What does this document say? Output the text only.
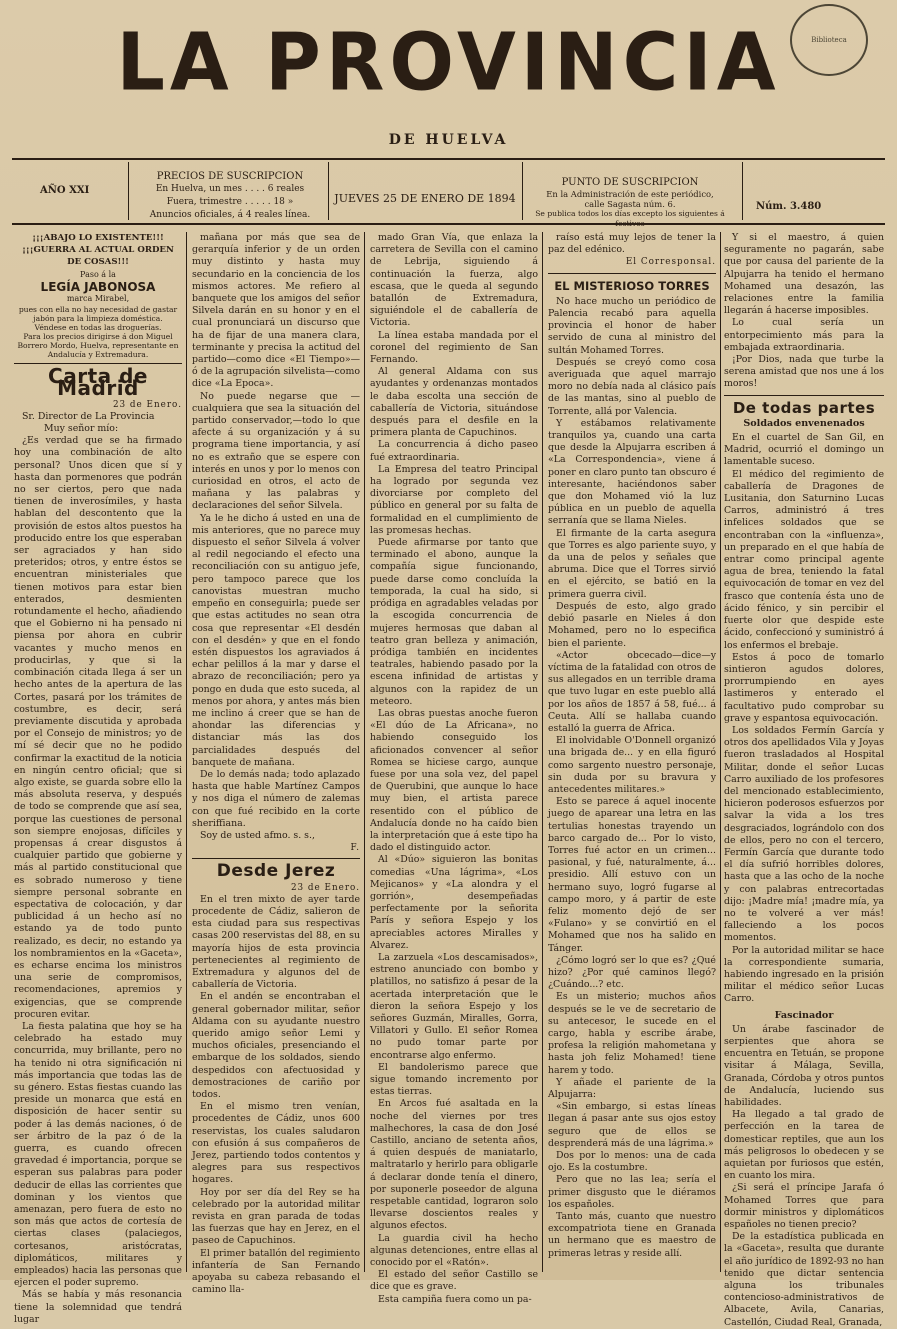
Biblioteca
LA PROVINCIA
DE HUELVA
AÑO XXI
PRECIOS DE SUSCRIPCION
En Huelva, un mes . . . . 6 reales
Fuera, trimestre . . . . . 18 »
Anuncios oficiales, á 4 reales línea.
JUEVES 25 DE ENERO DE 1894
PUNTO DE SUSCRIPCION
En la Administración de este periódico,
calle Sagasta núm. 6.
Se publica todos los días excepto los siguientes á festivos
Núm. 3.480
¡¡¡ABAJO LO EXISTENTE!!!
¡¡¡GUERRA AL ACTUAL ORDEN DE COSAS!!!
Paso á la
LEGÍA JABONOSA
marca Mirabel,
pues con ella no hay necesidad de gastar jabón para la limpieza doméstica.
Véndese en todas las droguerías.
Para los precios dirigirse á don Miguel Borrero Mordo, Huelva, representante en Andalucía y Extremadura.
Carta de Madrid
23 de Enero.

Sr. Director de La Provincia

Muy señor mío:

¿Es verdad que se ha firmado hoy una combinación de alto personal? Unos dicen que sí y hasta dan pormenores que podrán no ser ciertos, pero que nada tienen de inverosímiles, y hasta hablan del descontento que la provisión de estos altos puestos ha producido entre los que esperaban ser agraciados y han sido preteridos; otros, y entre éstos se encuentran ministeriales que tienen motivos para estar bien enterados, desmienten rotundamente el hecho, añadiendo que el Gobierno ni ha pensado ni piensa por ahora en cubrir vacantes y mucho menos en producirlas, y que si la combinación citada llega á ser un hecho antes de la apertura de las Cortes, pasará por los trámites de costumbre, es decir, será previamente discutida y aprobada por el Consejo de ministros; yo de mí sé decir que no he podido confirmar la exactitud de la noticia en ningún centro oficial; que si algo existe, se guarda sobre ello la más absoluta reserva, y después de todo se comprende que así sea, porque las cuestiones de personal son siempre enojosas, difíciles y propensas á crear disgustos á cualquier partido que gobierne y más al partido constitucional que es sobrado numeroso y tiene siempre personal sobrante en espectativa de colocación, y dar publicidad á un hecho así no estando ya de todo punto realizado, es decir, no estando ya los nombramientos en la «Gaceta», es echarse encima los ministros una serie de compromisos, recomendaciones, apremios y exigencias, que se comprende procuren evitar.

La fiesta palatina que hoy se ha celebrado ha estado muy concurrida, muy brillante, pero no ha tenido ni otra significación ni más importancia que todas las de su género. Estas fiestas cuando las preside un monarca que está en disposición de hacer sentir su poder á las demás naciones, ó de ser árbitro de la paz ó de la guerra, es cuando ofrecen gravedad é importancia, porque se esperan sus palabras para poder deducir de ellas las corrientes que dominan y los vientos que amenazan, pero fuera de esto no son más que actos de cortesía de ciertas clases (palaciegos, cortesanos, aristócratas, diplomáticos, militares y empleados) hacia las personas que ejercen el poder supremo.

Más se había y más resonancia tiene la solemnidad que tendrá lugar

mañana por más que sea de gerarquía inferior y de un orden muy distinto y hasta muy secundario en la conciencia de los mismos actores. Me refiero al banquete que los amigos del señor Silvela darán en su honor y en el cual pronunciará un discurso que ha de fijar de una manera clara, terminante y precisa la actitud del partido—como dice «El Tiempo»—ó de la agrupación silvelista—como dice «La Epoca».

No puede negarse que —cualquiera que sea la situación del partido conservador,—todo lo que afecte á su organización y á su programa tiene importancia, y así no es extraño que se espere con interés en unos y por lo menos con curiosidad en otros, el acto de mañana y las palabras y declaraciones del señor Silvela.

Ya le he dicho á usted en una de mis anteriores, que no parece muy dispuesto el señor Silvela á volver al redil negociando el efecto una reconciliación con su antiguo jefe, pero tampoco parece que los canovistas muestran mucho empeño en conseguirla; puede ser que estas actitudes no sean otra cosa que representar «El desdén con el desdén» y que en el fondo estén dispuestos los agraviados á echar pelillos á la mar y darse el abrazo de reconciliación; pero ya pongo en duda que esto suceda, al menos por ahora, y antes más bien me inclino á creer que se han de ahondar las diferencias y distanciar más las dos parcialidades después del banquete de mañana.

De lo demás nada; todo aplazado hasta que hable Martínez Campos y nos diga el número de zalemas con que fué recibido en la corte sheriffiana.

Soy de usted afmo. s. s.,

F.
Desde Jerez
23 de Enero.

En el tren mixto de ayer tarde procedente de Cádiz, salieron de esta ciudad para sus respectivas casas 200 reservistas del 88, en su mayoría hijos de esta provincia pertenecientes al regimiento de Extremadura y algunos del de caballería de Victoria.

En el andén se encontraban el general gobernador militar, señor Aldama con su ayudante nuestro querido amigo señor Lemi y muchos oficiales, presenciando el embarque de los soldados, siendo despedidos con afectuosidad y demostraciones de cariño por todos.

En el mismo tren venían, procedentes de Cádiz, unos 600 reservistas, los cuales saludaron con efusión á sus compañeros de Jerez, partiendo todos contentos y alegres para sus respectivos hogares.

Hoy por ser día del Rey se ha celebrado por la autoridad militar revista en gran parada de todas las fuerzas que hay en Jerez, en el paseo de Capuchinos.

El primer batallón del regimiento infantería de San Fernando apoyaba su cabeza rebasando el camino lla-

mado Gran Vía, que enlaza la carretera de Sevilla con el camino de Lebrija, siguiendo á continuación la fuerza, algo escasa, que le queda al segundo batallón de Extremadura, siguiéndole el de caballería de Victoria.

La línea estaba mandada por el coronel del regimiento de San Fernando.

Al general Aldama con sus ayudantes y ordenanzas montados le daba escolta una sección de caballería de Victoria, situándose después para el desfile en la primera planta de Capuchinos.

La concurrencia á dicho paseo fué extraordinaria.

La Empresa del teatro Principal ha logrado por segunda vez divorciarse por completo del público en general por su falta de formalidad en el cumplimiento de las promesas hechas.

Puede afirmarse por tanto que terminado el abono, aunque la compañía sigue funcionando, puede darse como concluída la temporada, la cual ha sido, si pródiga en agradables veladas por la escogida concurrencia de mujeres hermosas que daban al teatro gran belleza y animación, pródiga también en incidentes teatrales, habiendo pasado por la escena infinidad de artistas y algunos con la rapidez de un meteoro.

Las obras puestas anoche fueron «El dúo de La Africana», no habiendo conseguido los aficionados convencer al señor Romea se hiciese cargo, aunque fuese por una sola vez, del papel de Querubini, que aunque lo hace muy bien, el artista parece resentido con el público de Andalucía donde no ha caído bien la interpretación que á este tipo ha dado el distinguido actor.

Al «Dúo» siguieron las bonitas comedias «Una lágrima», «Los Mejicanos» y «La alondra y el gorrión», desempeñadas perfectamente por la señorita París y señora Espejo y los apreciables actores Miralles y Alvarez.

La zarzuela «Los descamisados», estreno anunciado con bombo y platillos, no satisfizo á pesar de la acertada interpretación que le dieron la señora Espejo y los señores Guzmán, Miralles, Gorra, Villatori y Gullo. El señor Romea no pudo tomar parte por encontrarse algo enfermo.

El bandolerismo parece que sigue tomando incremento por estas tierras.

En Arcos fué asaltada en la noche del viernes por tres malhechores, la casa de don José Castillo, anciano de setenta años, á quien después de maniatarlo, maltratarlo y herirlo para obligarle á declarar donde tenía el dinero, por suponerle poseedor de alguna respetable cantidad, lograron solo llevarse doscientos reales y algunos efectos.

La guardia civil ha hecho algunas detenciones, entre ellas al conocido por el «Ratón».

El estado del señor Castillo se dice que es grave.

Esta campiña fuera como un pa-

raíso está muy lejos de tener la paz del edénico.

El Corresponsal.
EL MISTERIOSO TORRES

No hace mucho un periódico de Palencia recabó para aquella provincia el honor de haber servido de cuna al ministro del sultán Mohamed Torres.

Después se creyó como cosa averiguada que aquel marrajo moro no debía nada al clásico país de las mantas, sino al pueblo de Torrente, allá por Valencia.

Y estábamos relativamente tranquilos ya, cuando una carta que desde la Alpujarra escriben á «La Correspondencia», viene á poner en claro punto tan obscuro é interesante, haciéndonos saber que don Mohamed vió la luz pública en un pueblo de aquella serranía que se llama Nieles.

El firmante de la carta asegura que Torres es algo pariente suyo, y da una de pelos y señales que abruma. Dice que el Torres sirvió en el ejército, se batió en la primera guerra civil.

Después de esto, algo grado debió pasarle en Nieles á don Mohamed, pero no lo especifica bien el pariente.

«Actor obcecado—dice—y víctima de la fatalidad con otros de sus allegados en un terrible drama que tuvo lugar en este pueblo allá por los años de 1857 á 58, fué... á Ceuta. Allí se hallaba cuando estalló la guerra de Africa.

El inolvidable O'Donnell organizó una brigada de... y en ella figuró como sargento nuestro personaje, sin duda por su bravura y antecedentes militares.»

Esto se parece á aquel inocente juego de aparear una letra en las tertulias honestas trayendo un barco cargado de... Por lo visto, Torres fué actor en un crimen... pasional, y fué, naturalmente, á... presidio. Allí estuvo con un hermano suyo, logró fugarse al campo moro, y á partir de este feliz momento dejó de ser «Fulano» y se convirtió en el Mohamed que nos ha salido en Tánger.

¿Cómo logró ser lo que es? ¿Qué hizo? ¿Por qué caminos llegó? ¿Cuándo...? etc.

Es un misterio; muchos años después se le ve de secretario de su antecesor, le sucede en el cargo, habla y escribe árabe, profesa la religión mahometana y hasta joh feliz Mohamed! tiene harem y todo.

Y añade el pariente de la Alpujarra:

«Sin embargo, si estas líneas llegan á pasar ante sus ojos estoy seguro que de ellos se desprenderá más de una lágrima.»

Dos por lo menos: una de cada ojo. Es la costumbre.

Pero que no las lea; sería el primer disgusto que le diéramos los españoles.

Tanto más, cuanto que nuestro excompatriota tiene en Granada un hermano que es maestro de primeras letras y reside allí.

Y si el maestro, á quien seguramente no pagarán, sabe que por causa del pariente de la Alpujarra ha tenido el hermano Mohamed una desazón, las relaciones entre la familia llegarán á hacerse imposibles.

Lo cual sería un entorpecimiento más para la embajada extraordinaria.

¡Por Dios, nada que turbe la serena amistad que nos une á los moros!

De todas partes
Soldados envenenados

En el cuartel de San Gil, en Madrid, ocurrió el domingo un lamentable suceso.

El médico del regimiento de caballería de Dragones de Lusitania, don Saturnino Lucas Carros, administró á tres infelices soldados que se encontraban con la «influenza», un preparado en el que había de entrar como principal agente agua de brea, teniendo la fatal equivocación de tomar en vez del frasco que contenía ésta uno de ácido fénico, y sin percibir el fuerte olor que despide este ácido, confeccionó y suministró á los enfermos el brebaje.

Estos á poco de tomarlo sintieron agudos dolores, prorrumpiendo en ayes lastimeros y enterado el facultativo pudo comprobar su grave y espantosa equivocación.

Los soldados Fermín García y otros dos apellidados Vila y Joyas fueron trasladados al Hospital Militar, donde el señor Lucas Carro auxiliado de los profesores del mencionado establecimiento, hicieron poderosos esfuerzos por salvar la vida a los tres desgraciados, lográndolo con dos de ellos, pero no con el tercero, Fermín García que durante todo el día sufrió horribles dolores, hasta que a las ocho de la noche y con palabras entrecortadas dijo: ¡Madre mía! ¡madre mía, ya no te volveré a ver más! falleciendo a los pocos momentos.

Por la autoridad militar se hace la correspondiente sumaria, habiendo ingresado en la prisión militar el médico señor Lucas Carro.

Fascinador

Un árabe fascinador de serpientes que ahora se encuentra en Tetuán, se propone visitar á Málaga, Sevilla, Granada, Córdoba y otros puntos de Andalucía, luciendo sus habilidades.

Ha llegado a tal grado de perfección en la tarea de domesticar reptiles, que aun los más peligrosos lo obedecen y se aquietan por furiosos que estén, en cuanto los mira.

¿Si será el príncipe Jarafa ó Mohamed Torres que para dormir ministros y diplomáticos españoles no tienen precio?

De la estadística publicada en la «Gaceta», resulta que durante el año jurídico de 1892-93 no han tenido que dictar sentencia alguna los tribunales contencioso-administrativos de Albacete, Avila, Canarias, Castellón, Ciudad Real, Granada,
